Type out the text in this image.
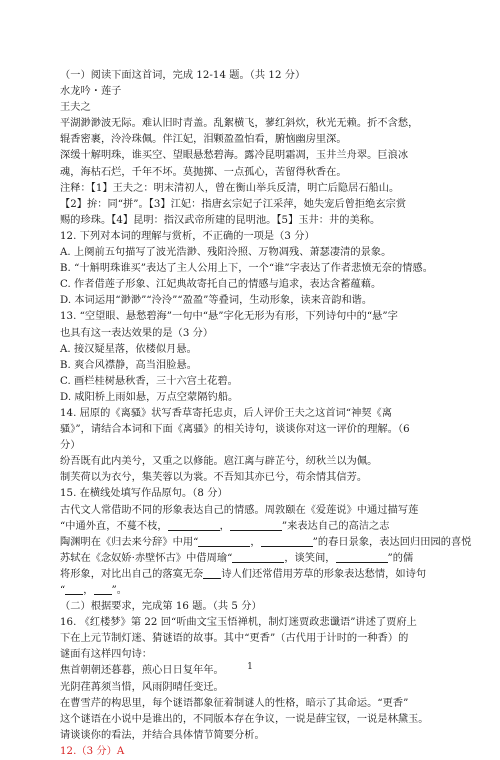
（一）阅读下面这首词，完成 12-14 题。（共 12 分）
水龙吟・莲子
王夫之
平湖渺渺波无际。难认旧时青盖。乱絮横飞，蓼红斜炊，秋光无赖。折不含愁，
辊香密裹，泠泠珠佩。伴江妃，泪颗盈盈怕看，腑恼幽房里深。
深缓十解明珠，谁买空、望眼悬愁碧海。露冷昆明霜凋，玉井兰舟翠。巨浪冰
魂，海枯石烂，千年不坏。莫抛掷、一点孤心，苦留得秋香在。
注释：【1】王夫之：明末清初人，曾在衡山举兵反清，明亡后隐居石船山。
【2】拚：同“拼”。【3】江妃：指唐玄宗妃子江采萍，她失宠后曾拒绝玄宗赏
赐的珍珠。【4】昆明：指汉武帝所建的昆明池。【5】玉井：井的美称。
12. 下列对本词的理解与赏析，不正确的一项是（3 分）
A. 上阕前五句描写了波光浩渺、残阳泠照、万物凋残、萧瑟凄清的景象。
B. “十斛明珠谁买”表达了主人公用上下，一个“谁”字表达了作者悲愤无奈的情感。
C. 作者借莲子形象、江妃典故寄托自己的情感与追求，表达含蓄蕴藉。
D. 本词运用“渺渺”“泠泠”“盈盈”等叠词，生动形象，读来音韵和谐。
13. “空望眼、悬愁碧海”一句中“悬”字化无形为有形，下列诗句中的“悬”字
也具有这一表达效果的是（3 分）
A. 接汉疑星落，依楼似月悬。
B. 爽合风襟静，高当泪脸悬。
C. 画栏桂树悬秋香，三十六宫土花碧。
D. 咸阳桥上雨如悬，万点空蒙隔钓船。
14. 屈原的《离骚》状写香草寄托忠贞，后人评价王夫之这首词“神契《离
骚》”，请结合本词和下面《离骚》的相关诗句，谈谈你对这一评价的理解。（6
分）
纷吾既有此内美兮，又重之以修能。扈江离与辟芷兮，纫秋兰以为佩。
制芙荷以为衣兮，集芙蓉以为裳。不吾知其亦已兮，苟余情其信芳。
15. 在横线处填写作品原句。（8 分）
古代文人常借助不同的形象表达自己的情感。周敦颐在《爱莲说》中通过描写莲
“中通外直，不蔓不枝，	，	”来表达自己的高洁之志
陶渊明在《归去来兮辞》中用“	，	”的春日景象，表达回归田园的喜悦
苏轼在《念奴娇·赤壁怀古》中借周瑜“	，谈笑间，	”的儒
将形象，对比出自己的落寞无奈 诗人们还常借用芳草的形象表达愁情，如诗句
“ ， ”。
（二）根据要求，完成第 16 题。（共 5 分）
16. 《红楼梦》第 22 回“听曲文宝玉悟禅机，制灯迷贾政悲谶语”讲述了贾府上
下在上元节制灯迷、猜谜语的故事。其中“更香”（古代用于计时的一种香）的
谜面有这样四句诗：
焦首朝朝还暮暮，煎心日日复年年。
光阴荏苒须当惜，风雨阴晴任变迁。
在曹雪芹的构思里，每个谜语都象征着制谜人的性格，暗示了其命运。“更香”
这个谜语在小说中是谁出的，不同版本存在争议，一说是薛宝钗，一说是林黛玉。
请谈谈你的看法，并结合具体情节简要分析。
12.（3 分）A
1
